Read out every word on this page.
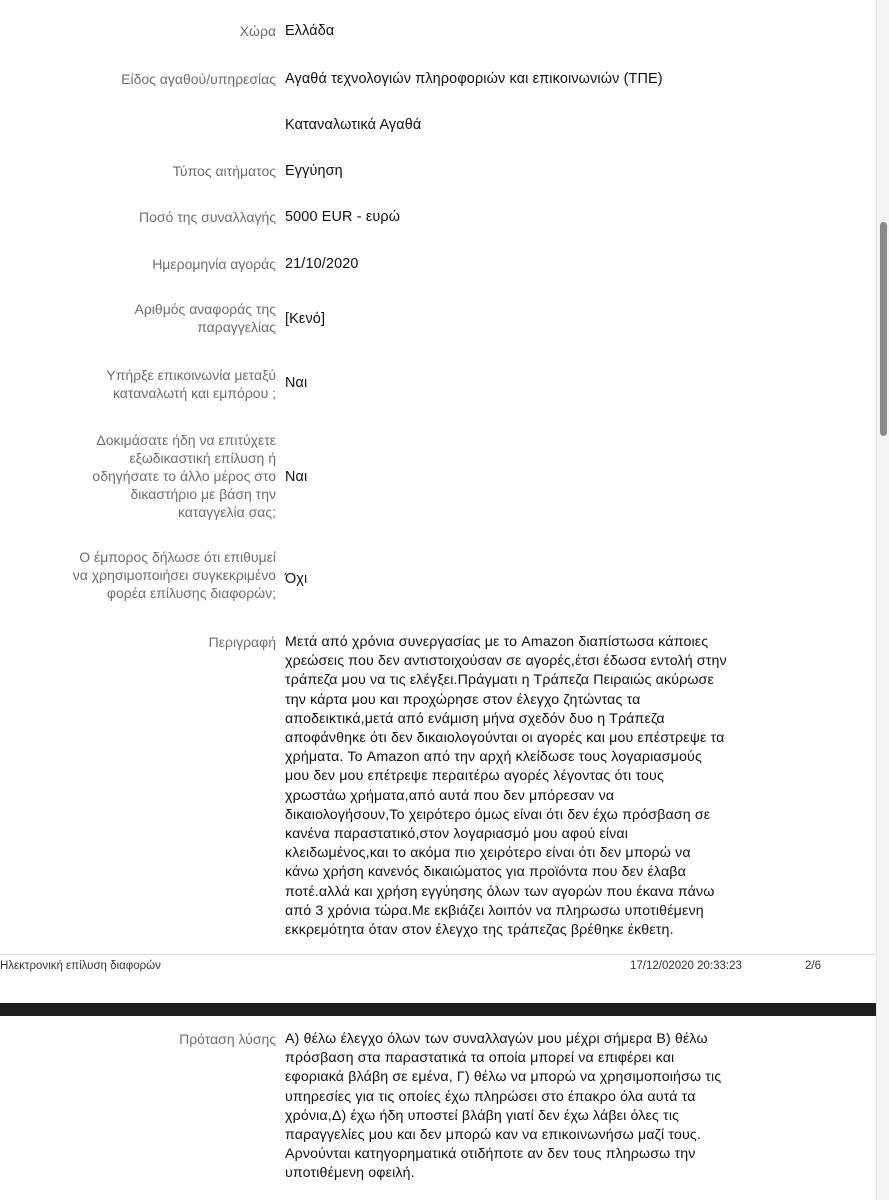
Χώρα Ελλάδα
Είδος αγαθού/υπηρεσίας Αγαθά τεχνολογιών πληροφοριών και επικοινωνιών (ΤΠΕ)
Καταναλωτικά Αγαθά
Τύπος αιτήματος Εγγύηση
Ποσό της συναλλαγής 5000 EUR - ευρώ
Ημερομηνία αγοράς 21/10/2020
Αριθμός αναφοράς της
παραγγελίας [Κενό]
Υπήρξε επικοινωνία μεταξύ
καταναλωτή και εμπόρου ;
Ναι
Δοκιμάσατε ήδη να επιτύχετε
εξωδικαστική επίλυση ή
οδηγήσατε το άλλο μέρος στο
δικαστήριο με βάση την
καταγγελία σας;
Ναι
Ο έμπορος δήλωσε ότι επιθυμεί
να χρησιμοποιήσει συγκεκριμένο
φορέα επίλυσης διαφορών;
Όχι
Περιγραφή Μετά από χρόνια συνεργασίας με το Amazon διαπίστωσα κάποιες
χρεώσεις που δεν αντιστοιχούσαν σε αγορές,έτσι έδωσα εντολή στην
τράπεζα μου να τις ελέγξει.Πράγματι η Τράπεζα Πειραιώς ακύρωσε
την κάρτα μου και προχώρησε στον έλεγχο ζητώντας τα
αποδεικτικά,μετά από ενάμιση μήνα σχεδόν δυο η Τράπεζα
αποφάνθηκε ότι δεν δικαιολογούνται οι αγορές και μου επέστρεψε τα
χρήματα. Το Amazon από την αρχή κλείδωσε τους λογαριασμούς
μου δεν μου επέτρεψε περαιτέρω αγορές λέγοντας ότι τους
χρωστάω χρήματα,από αυτά που δεν μπόρεσαν να
δικαιολογήσουν,Το χειρότερο όμως είναι ότι δεν έχω πρόσβαση σε
κανένα παραστατικό,στον λογαριασμό μου αφού είναι
κλειδωμένος,και το ακόμα πιο χειρότερο είναι ότι δεν μπορώ να
κάνω χρήση κανενός δικαιώματος για προϊόντα που δεν έλαβα
ποτέ.αλλά και χρήση εγγύησης όλων των αγορών που έκανα πάνω
από 3 χρόνια τώρα.Με εκβιάζει λοιπόν να πληρωσω υποτιθέμενη
εκκρεμότητα όταν στον έλεγχο της τράπεζας βρέθηκε έκθετη.
Ηλεκτρονική επίλυση διαφορών	17/12/02020 20:33:23	2/6
Πρόταση λύσης Α) θέλω έλεγχο όλων των συναλλαγών μου μέχρι σήμερα Β) θέλω
πρόσβαση στα παραστατικά τα οποία μπορεί να επιφέρει και
εφοριακά βλάβη σε εμένα, Γ) θέλω να μπορώ να χρησιμοποιήσω τις
υπηρεσίες για τις οποίες έχω πληρώσει στο έπακρο όλα αυτά τα
χρόνια,Δ) έχω ήδη υποστεί βλάβη γιατί δεν έχω λάβει όλες τις
παραγγελίες μου και δεν μπορώ καν να επικοινωνήσω μαζί τους.
Αρνούνται κατηγορηματικά οτιδήποτε αν δεν τους πληρωσω την
υποτιθέμενη οφειλή.
